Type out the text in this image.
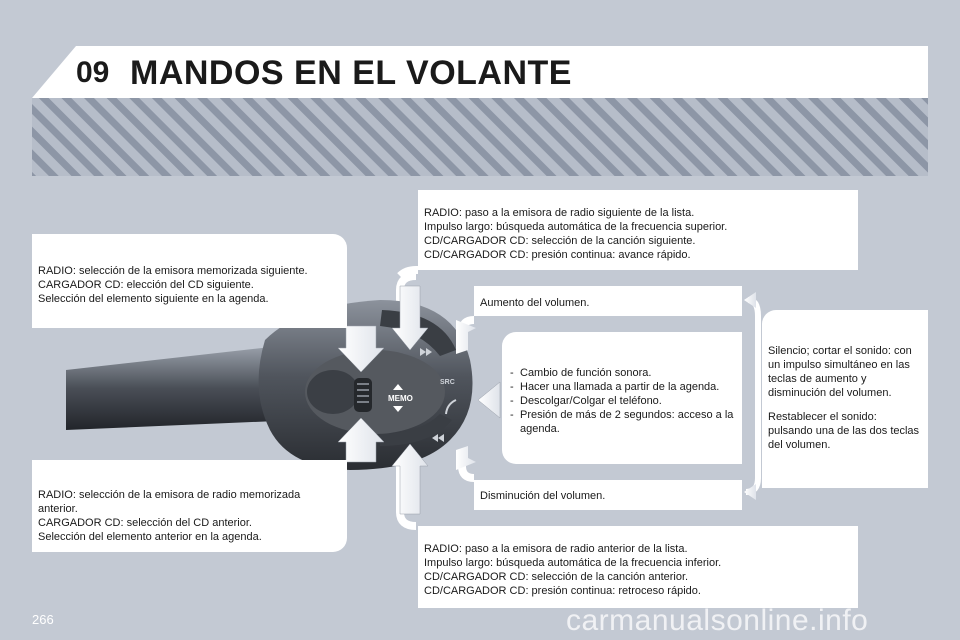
09 MANDOS EN EL VOLANTE
MEMO
SRC

RADIO: selección de la emisora memorizada siguiente.

CARGADOR CD: elección del CD siguiente.

Selección del elemento siguiente en la agenda.

RADIO: selección de la emisora de radio memorizada anterior.

CARGADOR CD: selección del CD anterior.

Selección del elemento anterior en la agenda.

RADIO: paso a la emisora de radio siguiente de la lista.

Impulso largo: búsqueda automática de la frecuencia superior.

CD/CARGADOR CD: selección de la canción siguiente.

CD/CARGADOR CD: presión continua: avance rápido.

RADIO: paso a la emisora de radio anterior de la lista.

Impulso largo: búsqueda automática de la frecuencia inferior.

CD/CARGADOR CD: selección de la canción anterior.

CD/CARGADOR CD: presión continua: retroceso rápido.

Aumento del volumen.

Disminución del volumen.

- Cambio de función sonora.
- Hacer una llamada a partir de la agenda.
- Descolgar/Colgar el teléfono.
- Presión de más de 2 segundos: acceso a la agenda.

Silencio; cortar el sonido: con un impulso simultáneo en las teclas de aumento y disminución del volumen.

Restablecer el sonido: pulsando una de las dos teclas del volumen.

266	carmanualsonline.info
